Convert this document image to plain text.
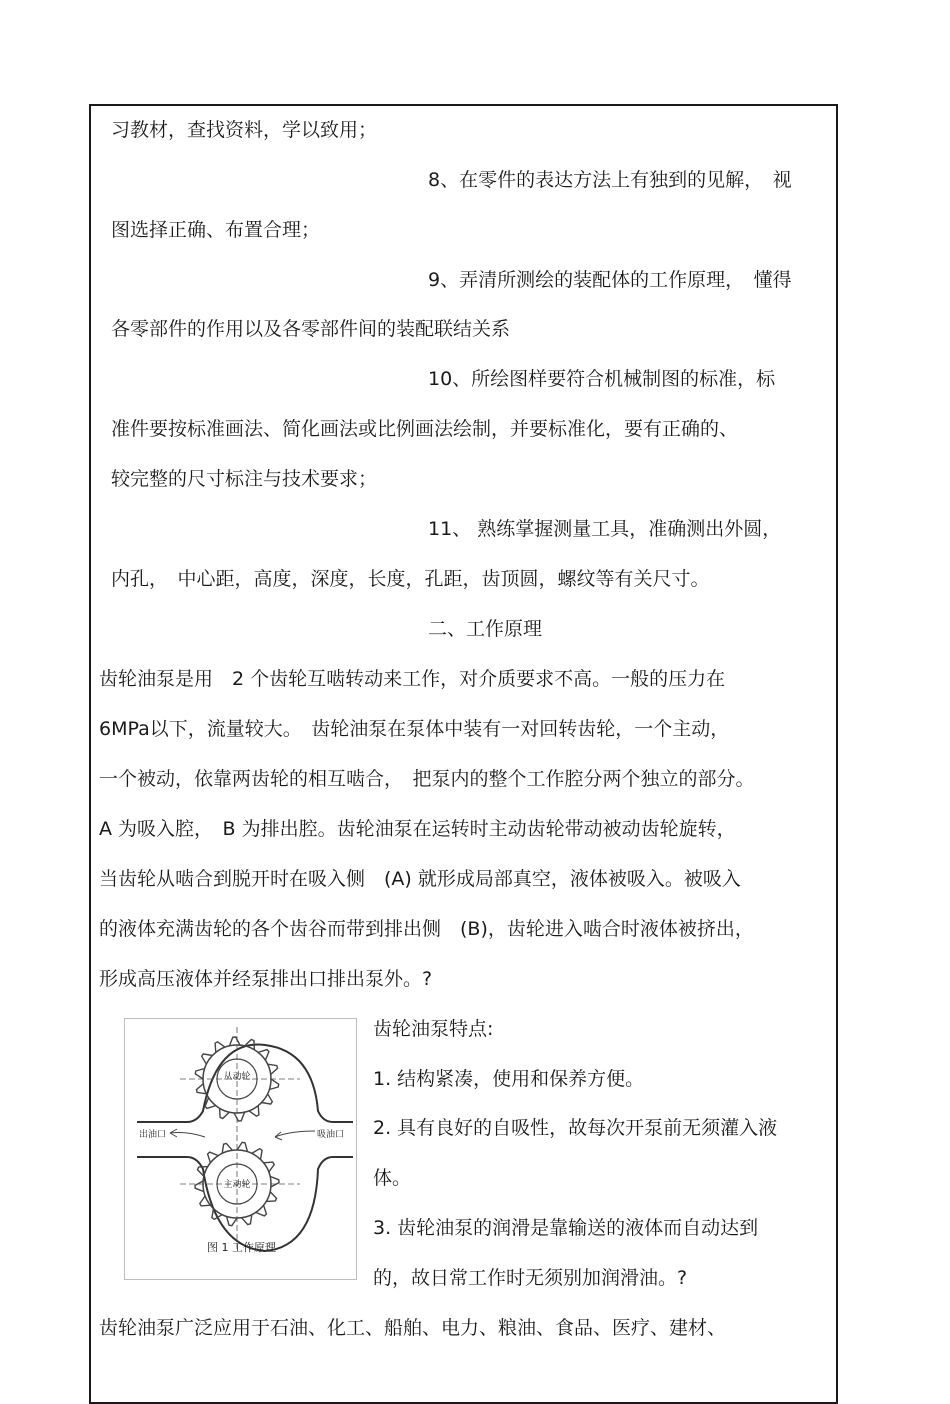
习教材，查找资料，学以致用；

8、在零件的表达方法上有独到的见解，　视

图选择正确、布置合理；

9、弄清所测绘的装配体的工作原理，　懂得

各零部件的作用以及各零部件间的装配联结关系

10、所绘图样要符合机械制图的标准，标

准件要按标准画法、简化画法或比例画法绘制，并要标准化，要有正确的、

较完整的尺寸标注与技术要求；

11、 熟练掌握测量工具，准确测出外圆，

内孔，　中心距，高度，深度，长度，孔距，齿顶圆，螺纹等有关尺寸。

二、工作原理

齿轮油泵是用　2 个齿轮互啮转动来工作，对介质要求不高。一般的压力在

6MPa以下，流量较大。　齿轮油泵在泵体中装有一对回转齿轮，一个主动，

一个被动，依靠两齿轮的相互啮合，　把泵内的整个工作腔分两个独立的部分。

A 为吸入腔，　B 为排出腔。齿轮油泵在运转时主动齿轮带动被动齿轮旋转，

当齿轮从啮合到脱开时在吸入侧　(A) 就形成局部真空，液体被吸入。被吸入

的液体充满齿轮的各个齿谷而带到排出侧　(B)，齿轮进入啮合时液体被挤出，

形成高压液体并经泵排出口排出泵外。?

从动轮
主动轮
出油口	吸油口
图 1 工作原理

齿轮油泵特点:

1. 结构紧凑，使用和保养方便。

2. 具有良好的自吸性，故每次开泵前无须灌入液

体。

3. 齿轮油泵的润滑是靠输送的液体而自动达到

的，故日常工作时无须别加润滑油。?

齿轮油泵广泛应用于石油、化工、船舶、电力、粮油、食品、医疗、建材、
